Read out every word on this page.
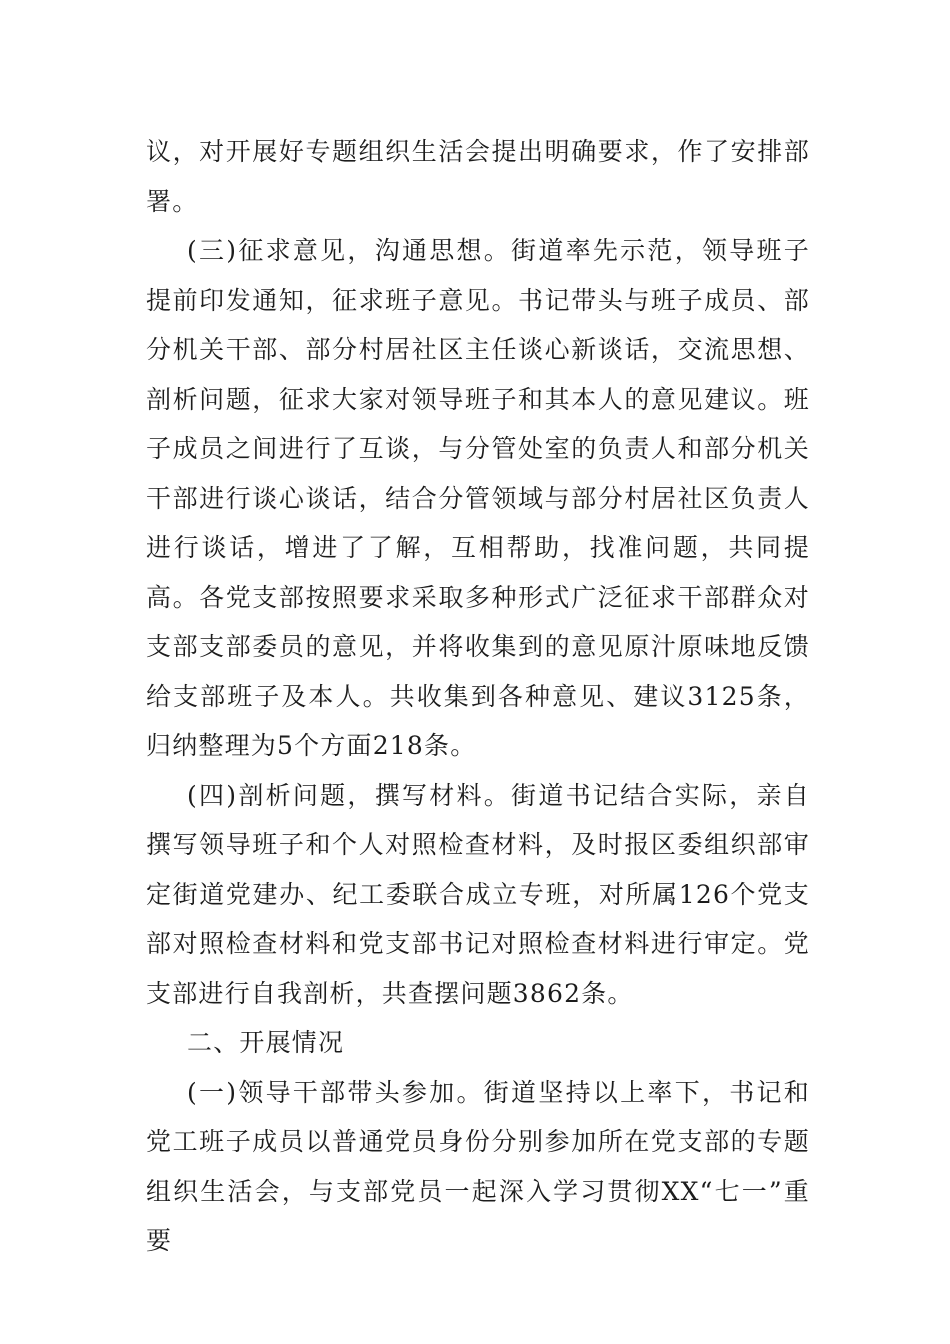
议，对开展好专题组织生活会提出明确要求，作了安排部署。

(三)征求意见，沟通思想。街道率先示范，领导班子提前印发通知，征求班子意见。书记带头与班子成员、部分机关干部、部分村居社区主任谈心新谈话，交流思想、剖析问题，征求大家对领导班子和其本人的意见建议。班子成员之间进行了互谈，与分管处室的负责人和部分机关干部进行谈心谈话，结合分管领域与部分村居社区负责人进行谈话，增进了了解，互相帮助，找准问题，共同提高。各党支部按照要求采取多种形式广泛征求干部群众对支部支部委员的意见，并将收集到的意见原汁原味地反馈给支部班子及本人。共收集到各种意见、建议3125条，归纳整理为5个方面218条。

(四)剖析问题，撰写材料。街道书记结合实际，亲自撰写领导班子和个人对照检查材料，及时报区委组织部审定街道党建办、纪工委联合成立专班，对所属126个党支部对照检查材料和党支部书记对照检查材料进行审定。党支部进行自我剖析，共查摆问题3862条。

二、开展情况

(一)领导干部带头参加。街道坚持以上率下，书记和党工班子成员以普通党员身份分别参加所在党支部的专题组织生活会，与支部党员一起深入学习贯彻XX“七一”重要
